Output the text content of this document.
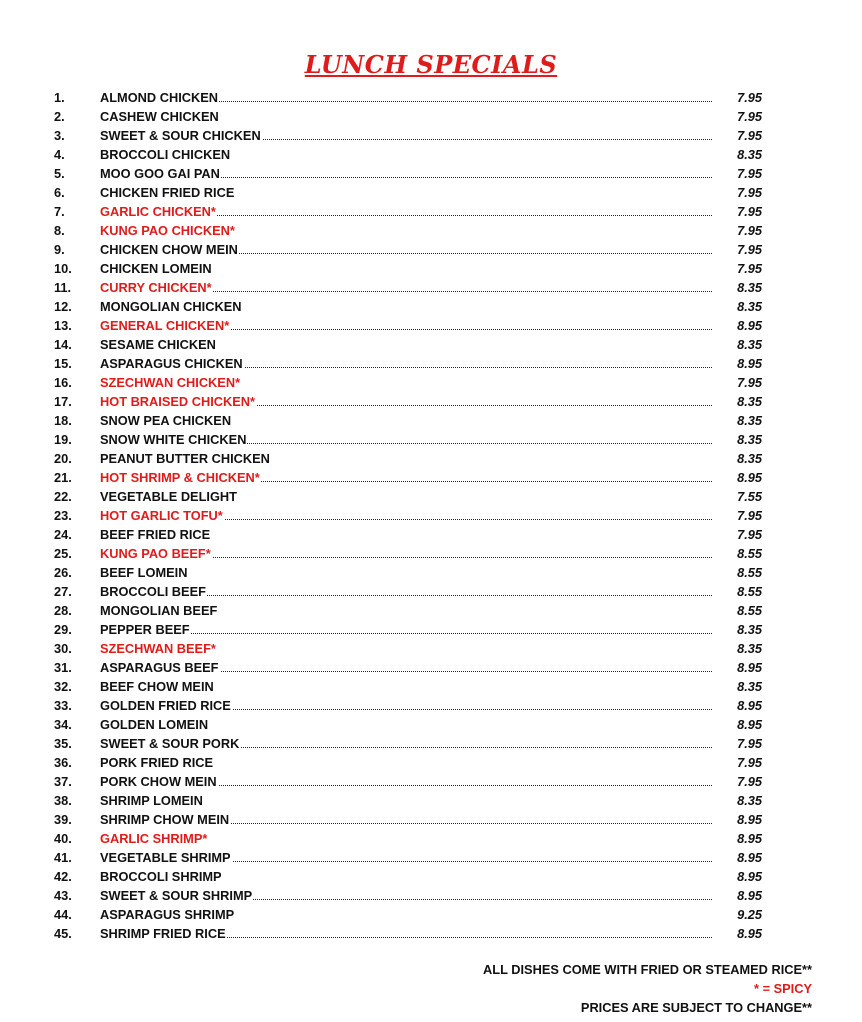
LUNCH SPECIALS
1.	ALMOND CHICKEN	7.95
2.	CASHEW CHICKEN	7.95
3.	SWEET & SOUR CHICKEN	7.95
4.	BROCCOLI CHICKEN	8.35
5.	MOO GOO GAI PAN	7.95
6.	CHICKEN FRIED RICE	7.95
7.	GARLIC CHICKEN*	7.95
8.	KUNG PAO CHICKEN*	7.95
9.	CHICKEN CHOW MEIN	7.95
10.	CHICKEN LOMEIN	7.95
11.	CURRY CHICKEN*	8.35
12.	MONGOLIAN CHICKEN	8.35
13.	GENERAL CHICKEN*	8.95
14.	SESAME CHICKEN	8.35
15.	ASPARAGUS CHICKEN	8.95
16.	SZECHWAN CHICKEN*	7.95
17.	HOT BRAISED CHICKEN*	8.35
18.	SNOW PEA CHICKEN	8.35
19.	SNOW WHITE CHICKEN	8.35
20.	PEANUT BUTTER CHICKEN	8.35
21.	HOT SHRIMP & CHICKEN*	8.95
22.	VEGETABLE DELIGHT	7.55
23.	HOT GARLIC TOFU*	7.95
24.	BEEF FRIED RICE	7.95
25.	KUNG PAO BEEF*	8.55
26.	BEEF LOMEIN	8.55
27.	BROCCOLI BEEF	8.55
28.	MONGOLIAN BEEF	8.55
29.	PEPPER BEEF	8.35
30.	SZECHWAN BEEF*	8.35
31.	ASPARAGUS BEEF	8.95
32.	BEEF CHOW MEIN	8.35
33.	GOLDEN FRIED RICE	8.95
34.	GOLDEN LOMEIN	8.95
35.	SWEET & SOUR PORK	7.95
36.	PORK FRIED RICE	7.95
37.	PORK CHOW MEIN	7.95
38.	SHRIMP LOMEIN	8.35
39.	SHRIMP CHOW MEIN	8.95
40.	GARLIC SHRIMP*	8.95
41.	VEGETABLE SHRIMP	8.95
42.	BROCCOLI SHRIMP	8.95
43.	SWEET & SOUR SHRIMP	8.95
44.	ASPARAGUS SHRIMP	9.25
45.	SHRIMP FRIED RICE	8.95
ALL DISHES COME WITH FRIED OR STEAMED RICE**
* = SPICY
PRICES ARE SUBJECT TO CHANGE**
